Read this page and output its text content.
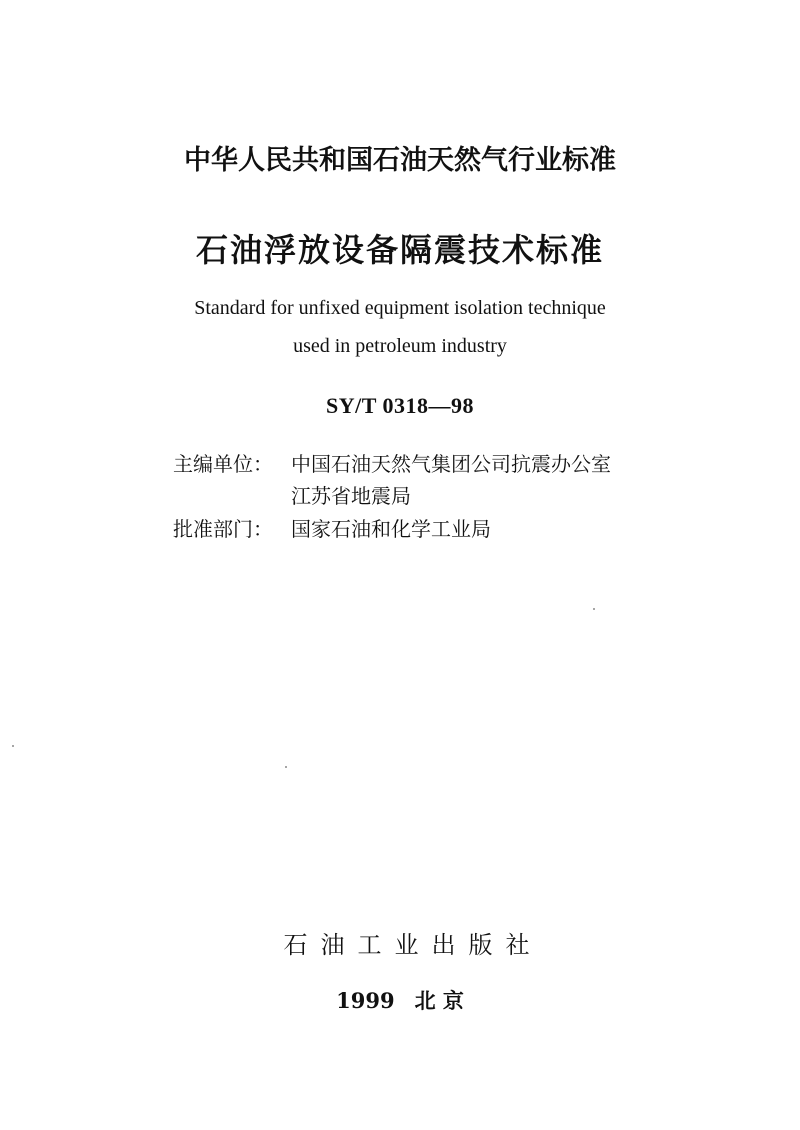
中华人民共和国石油天然气行业标准
石油浮放设备隔震技术标准
Standard for unfixed equipment isolation technique
used in petroleum industry
SY/T 0318—98
主编单位： 中国石油天然气集团公司抗震办公室
江苏省地震局
批准部门： 国家石油和化学工业局
石油工业出版社
1999 北 京
